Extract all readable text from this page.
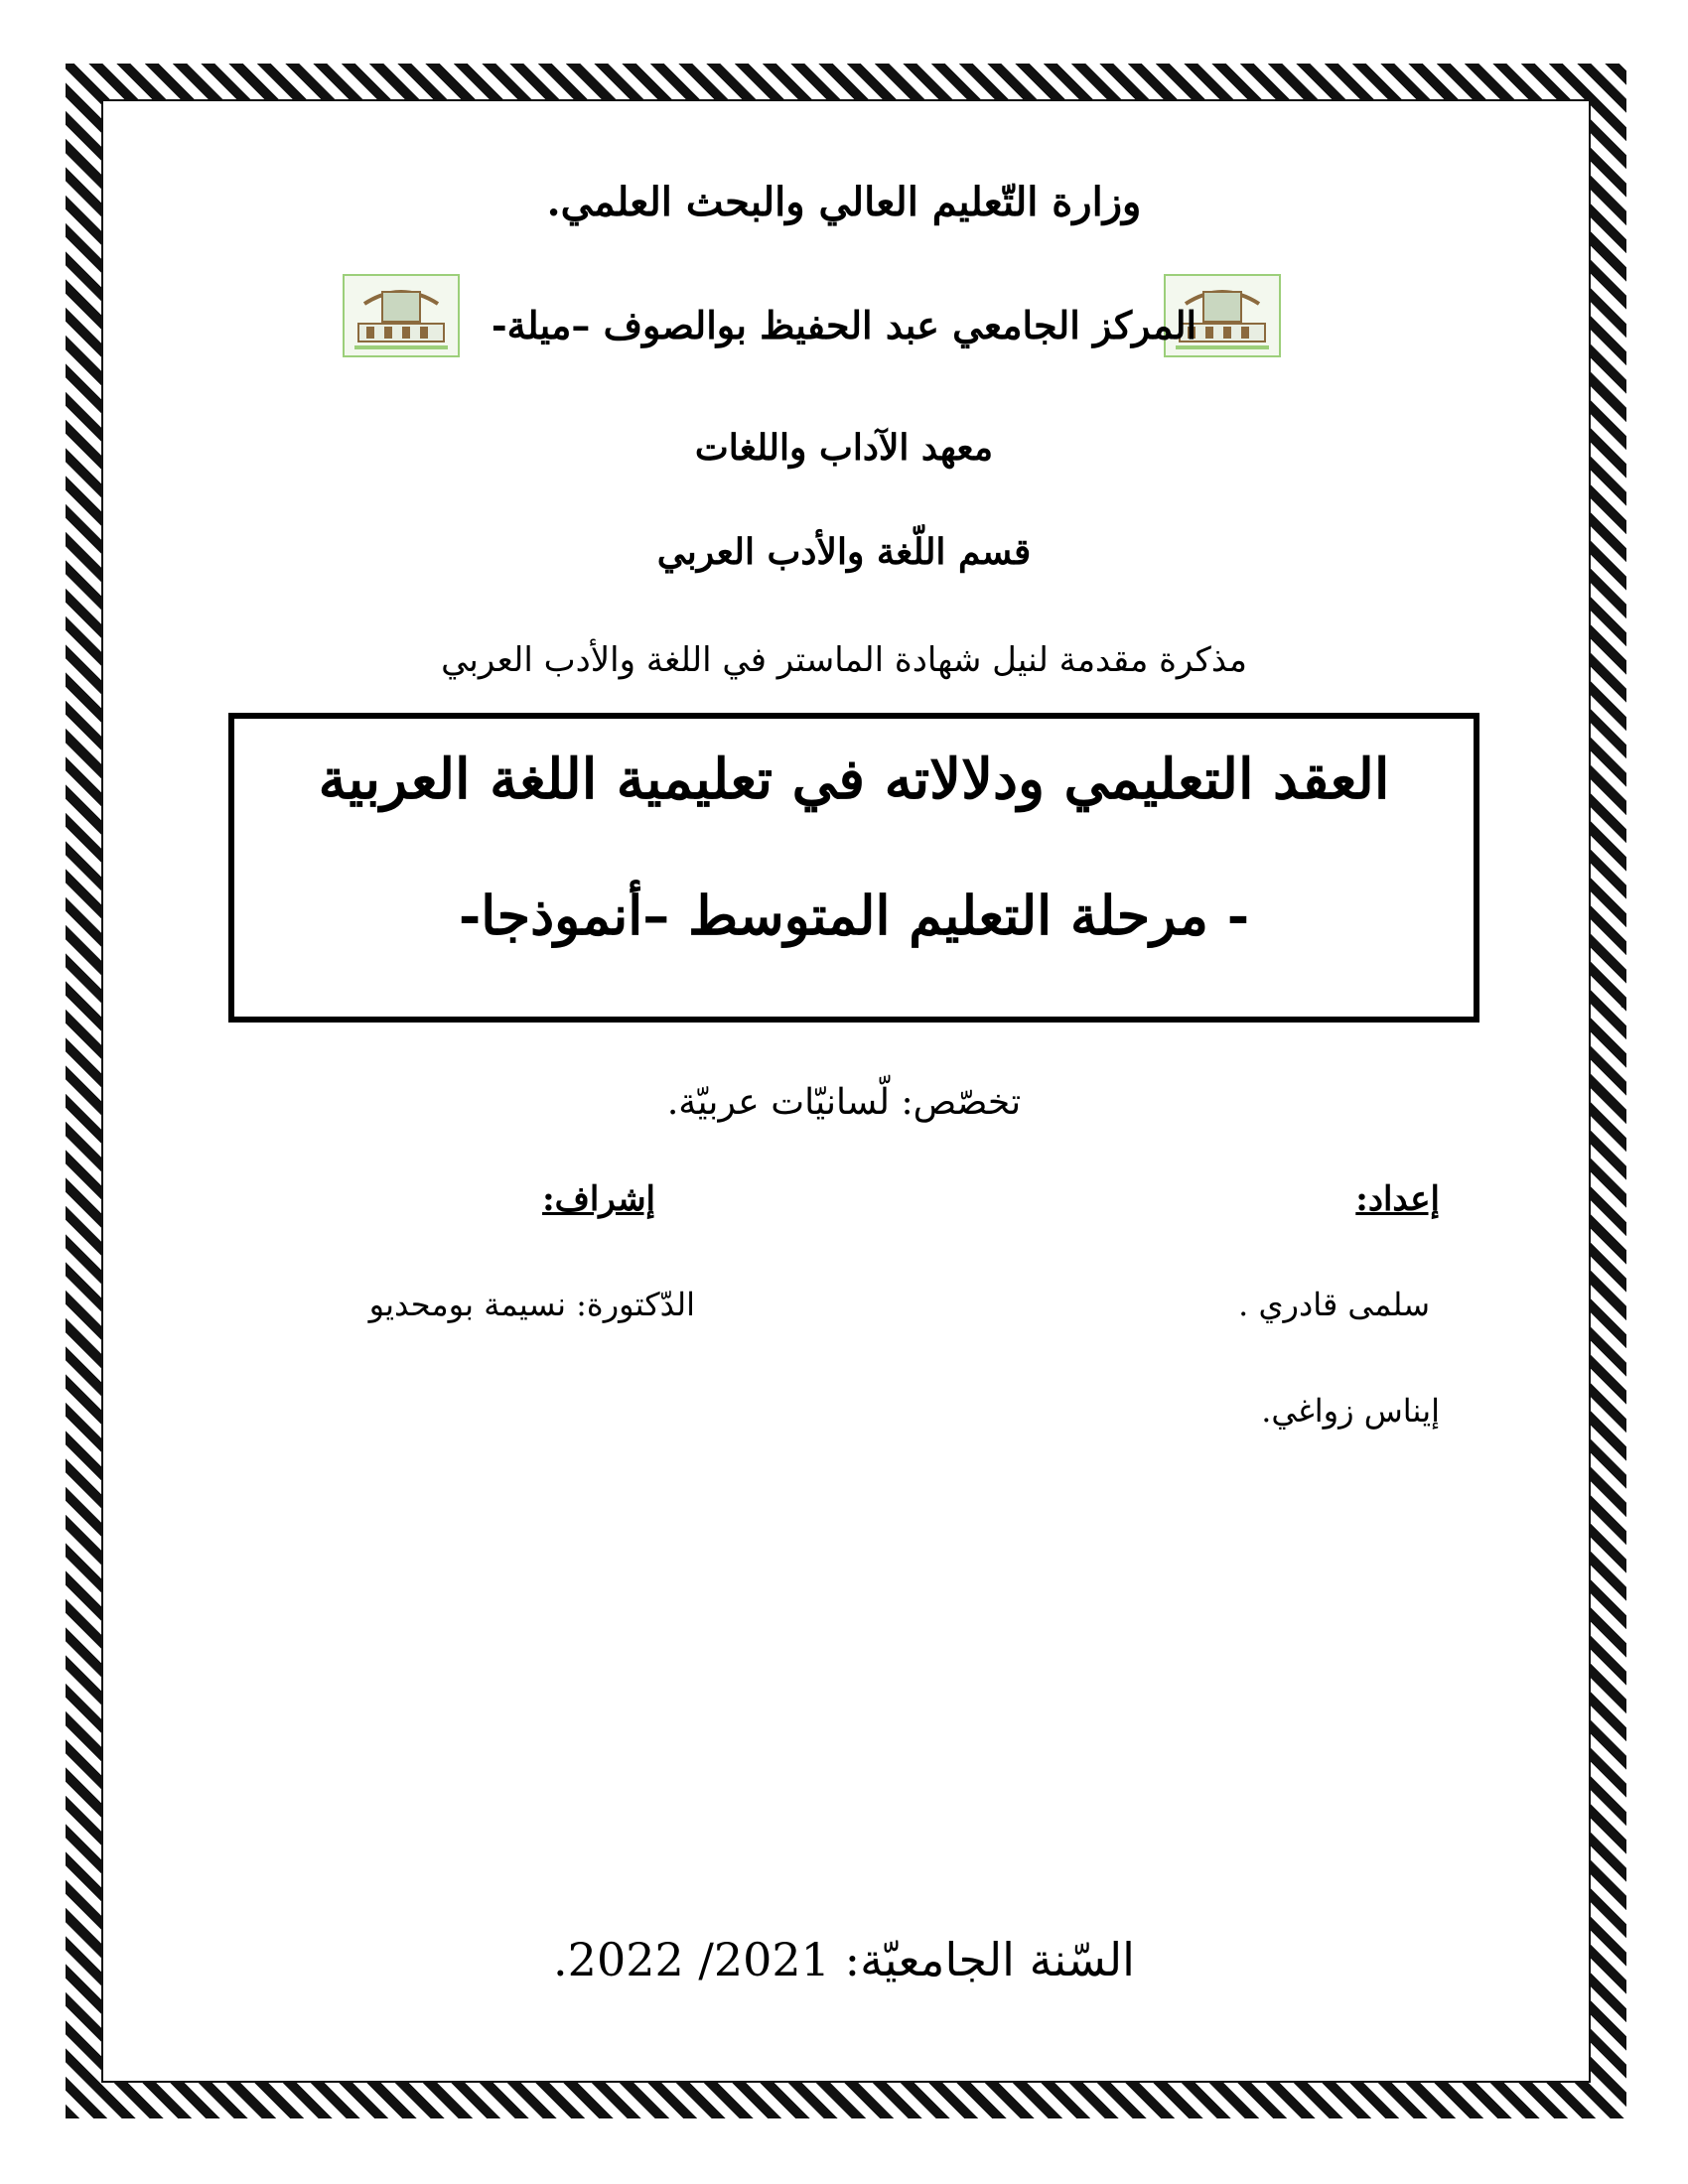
وزارة التّعليم العالي والبحث العلمي.
المركز الجامعي عبد الحفيظ بوالصوف –ميلة-
معهد الآداب واللغات
قسم اللّغة والأدب العربي
مذكرة مقدمة لنيل شهادة الماستر في اللغة والأدب العربي
العقد التعليمي ودلالاته في تعليمية اللغة العربية
- مرحلة التعليم المتوسط –أنموذجا-
تخصّص: لّسانيّات عربيّة.
إعداد:
إشراف:
سلمى قادري .
الدّكتورة: نسيمة بومحديو
إيناس زواغي.
السّنة الجامعيّة: 2021/ 2022.
